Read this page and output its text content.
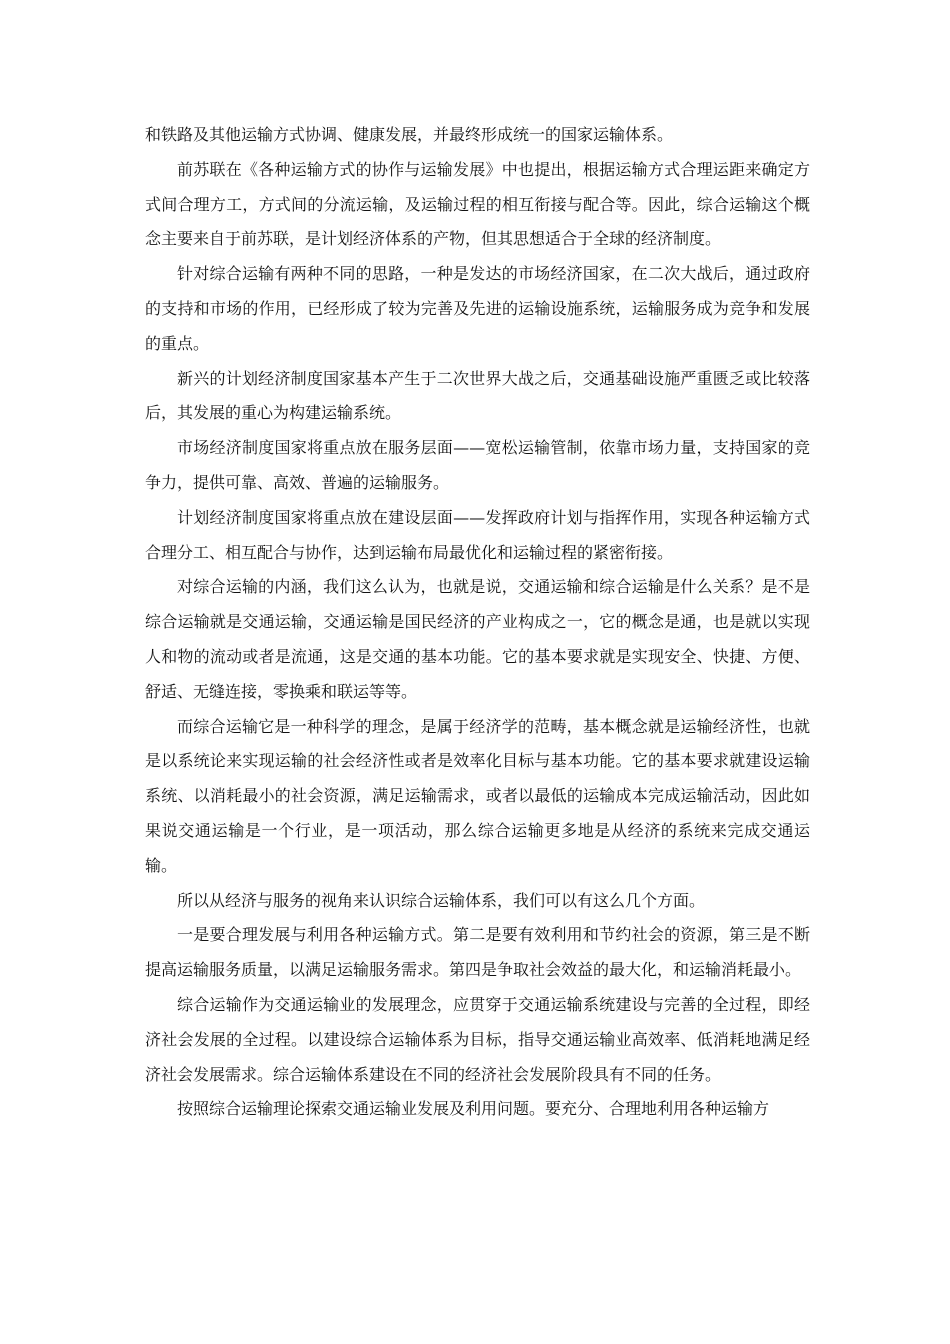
和铁路及其他运输方式协调、健康发展，并最终形成统一的国家运输体系。

前苏联在《各种运输方式的协作与运输发展》中也提出，根据运输方式合理运距来确定方式间合理方工，方式间的分流运输，及运输过程的相互衔接与配合等。因此，综合运输这个概念主要来自于前苏联，是计划经济体系的产物，但其思想适合于全球的经济制度。

针对综合运输有两种不同的思路，一种是发达的市场经济国家，在二次大战后，通过政府的支持和市场的作用，已经形成了较为完善及先进的运输设施系统，运输服务成为竞争和发展的重点。

新兴的计划经济制度国家基本产生于二次世界大战之后，交通基础设施严重匮乏或比较落后，其发展的重心为构建运输系统。

市场经济制度国家将重点放在服务层面——宽松运输管制，依靠市场力量，支持国家的竞争力，提供可靠、高效、普遍的运输服务。

计划经济制度国家将重点放在建设层面——发挥政府计划与指挥作用，实现各种运输方式合理分工、相互配合与协作，达到运输布局最优化和运输过程的紧密衔接。

对综合运输的内涵，我们这么认为，也就是说，交通运输和综合运输是什么关系？是不是综合运输就是交通运输，交通运输是国民经济的产业构成之一，它的概念是通，也是就以实现人和物的流动或者是流通，这是交通的基本功能。它的基本要求就是实现安全、快捷、方便、舒适、无缝连接，零换乘和联运等等。

而综合运输它是一种科学的理念，是属于经济学的范畴，基本概念就是运输经济性，也就是以系统论来实现运输的社会经济性或者是效率化目标与基本功能。它的基本要求就建设运输系统、以消耗最小的社会资源，满足运输需求，或者以最低的运输成本完成运输活动，因此如果说交通运输是一个行业，是一项活动，那么综合运输更多地是从经济的系统来完成交通运输。

所以从经济与服务的视角来认识综合运输体系，我们可以有这么几个方面。

一是要合理发展与利用各种运输方式。第二是要有效利用和节约社会的资源，第三是不断提高运输服务质量，以满足运输服务需求。第四是争取社会效益的最大化，和运输消耗最小。

综合运输作为交通运输业的发展理念，应贯穿于交通运输系统建设与完善的全过程，即经济社会发展的全过程。以建设综合运输体系为目标，指导交通运输业高效率、低消耗地满足经济社会发展需求。综合运输体系建设在不同的经济社会发展阶段具有不同的任务。

按照综合运输理论探索交通运输业发展及利用问题。要充分、合理地利用各种运输方
